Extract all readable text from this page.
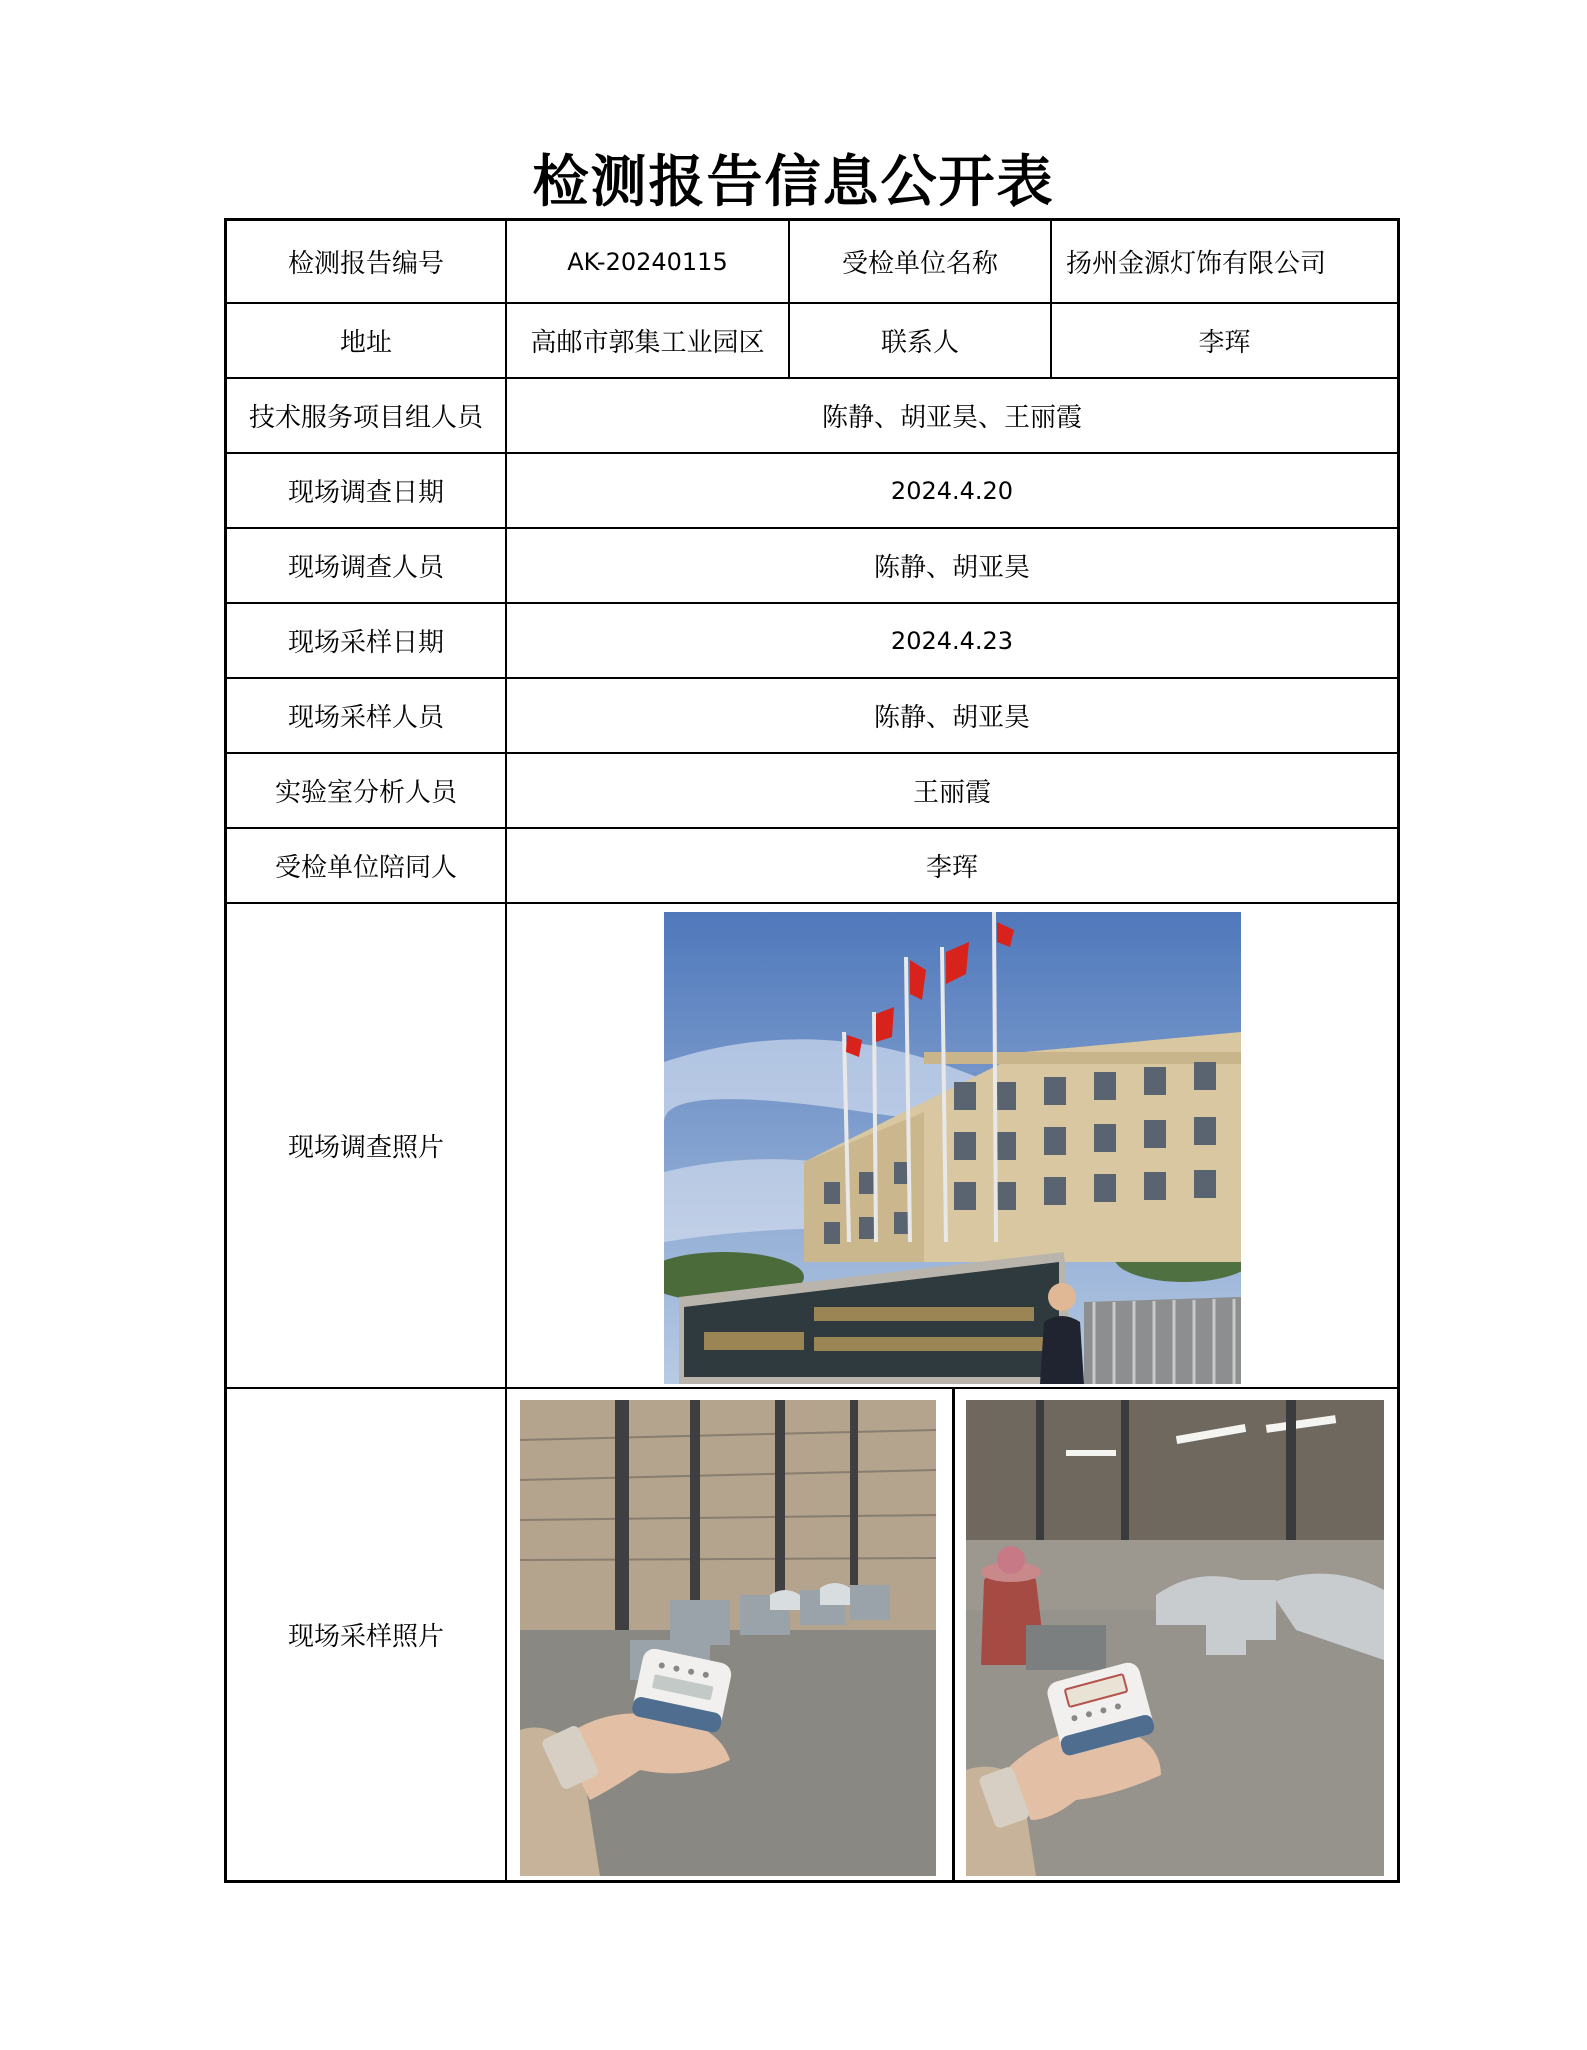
检测报告信息公开表
检测报告编号	AK-20240115	受检单位名称	扬州金源灯饰有限公司
地址	高邮市郭集工业园区	联系人	李珲
技术服务项目组人员	陈静、胡亚昊、王丽霞
现场调查日期	2024.4.20
现场调查人员	陈静、胡亚昊
现场采样日期	2024.4.23
现场采样人员	陈静、胡亚昊
实验室分析人员	王丽霞
受检单位陪同人	李珲
现场调查照片
现场采样照片
